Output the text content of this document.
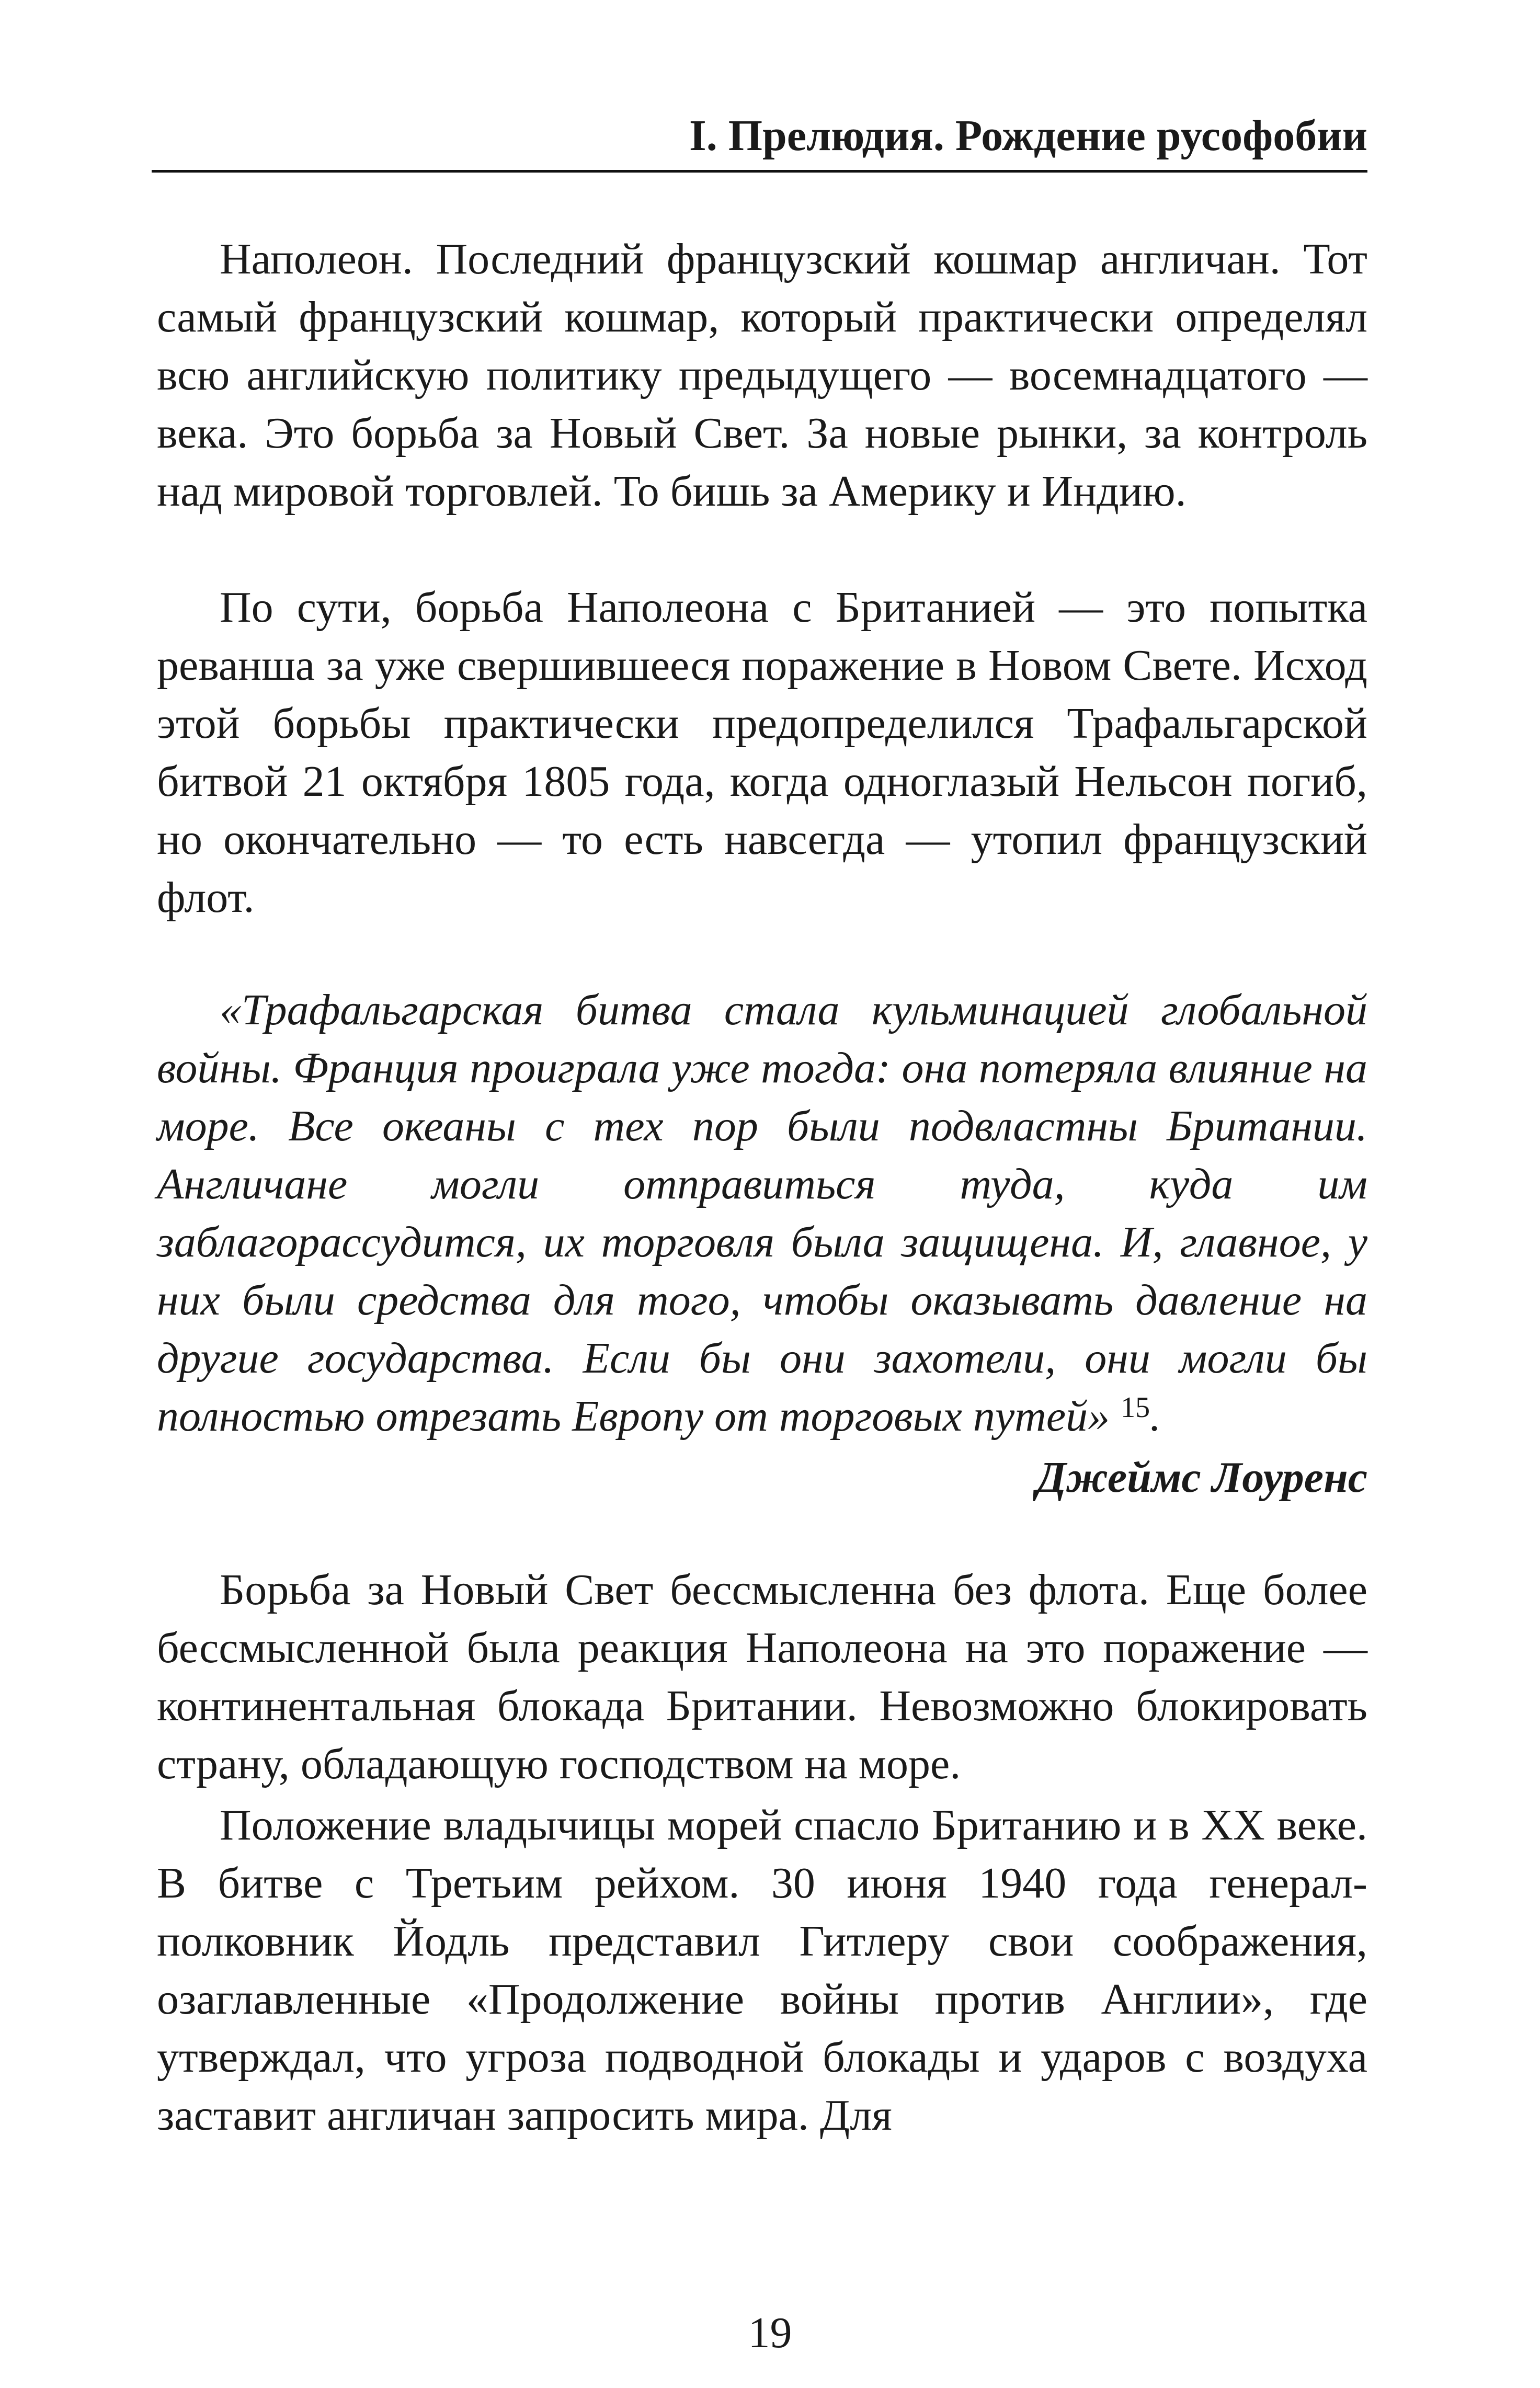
I. Прелюдия. Рождение русофобии

Наполеон. Последний французский кошмар англичан. Тот самый французский кошмар, который практически определял всю английскую политику предыдущего — восемнадцатого — века. Это борьба за Новый Свет. За новые рынки, за контроль над мировой торговлей. То бишь за Америку и Индию.

По сути, борьба Наполеона с Британией — это попытка реванша за уже свершившееся поражение в Новом Свете. Исход этой борьбы практически предопределился Трафальгарской битвой 21 октября 1805 года, когда одноглазый Нельсон погиб, но окончательно — то есть навсегда — утопил французский флот.

«Трафальгарская битва стала кульминацией глобальной войны. Франция проиграла уже тогда: она потеряла влияние на море. Все океаны с тех пор были подвластны Британии. Англичане могли отправиться туда, куда им заблагорассудится, их торговля была защищена. И, главное, у них были средства для того, чтобы оказывать давление на другие государства. Если бы они захотели, они могли бы полностью отрезать Европу от торговых путей» $^{15}$.

Джеймс Лоуренс

Борьба за Новый Свет бессмысленна без флота. Еще более бессмысленной была реакция Наполеона на это поражение — континентальная блокада Британии. Невозможно блокировать страну, обладающую господством на море.

Положение владычицы морей спасло Британию и в XX веке. В битве с Третьим рейхом. 30 июня 1940 года генерал-полковник Йодль представил Гитлеру свои соображения, озаглавленные «Продолжение войны против Англии», где утверждал, что угроза подводной блокады и ударов с воздуха заставит англичан запросить мира. Для

19
